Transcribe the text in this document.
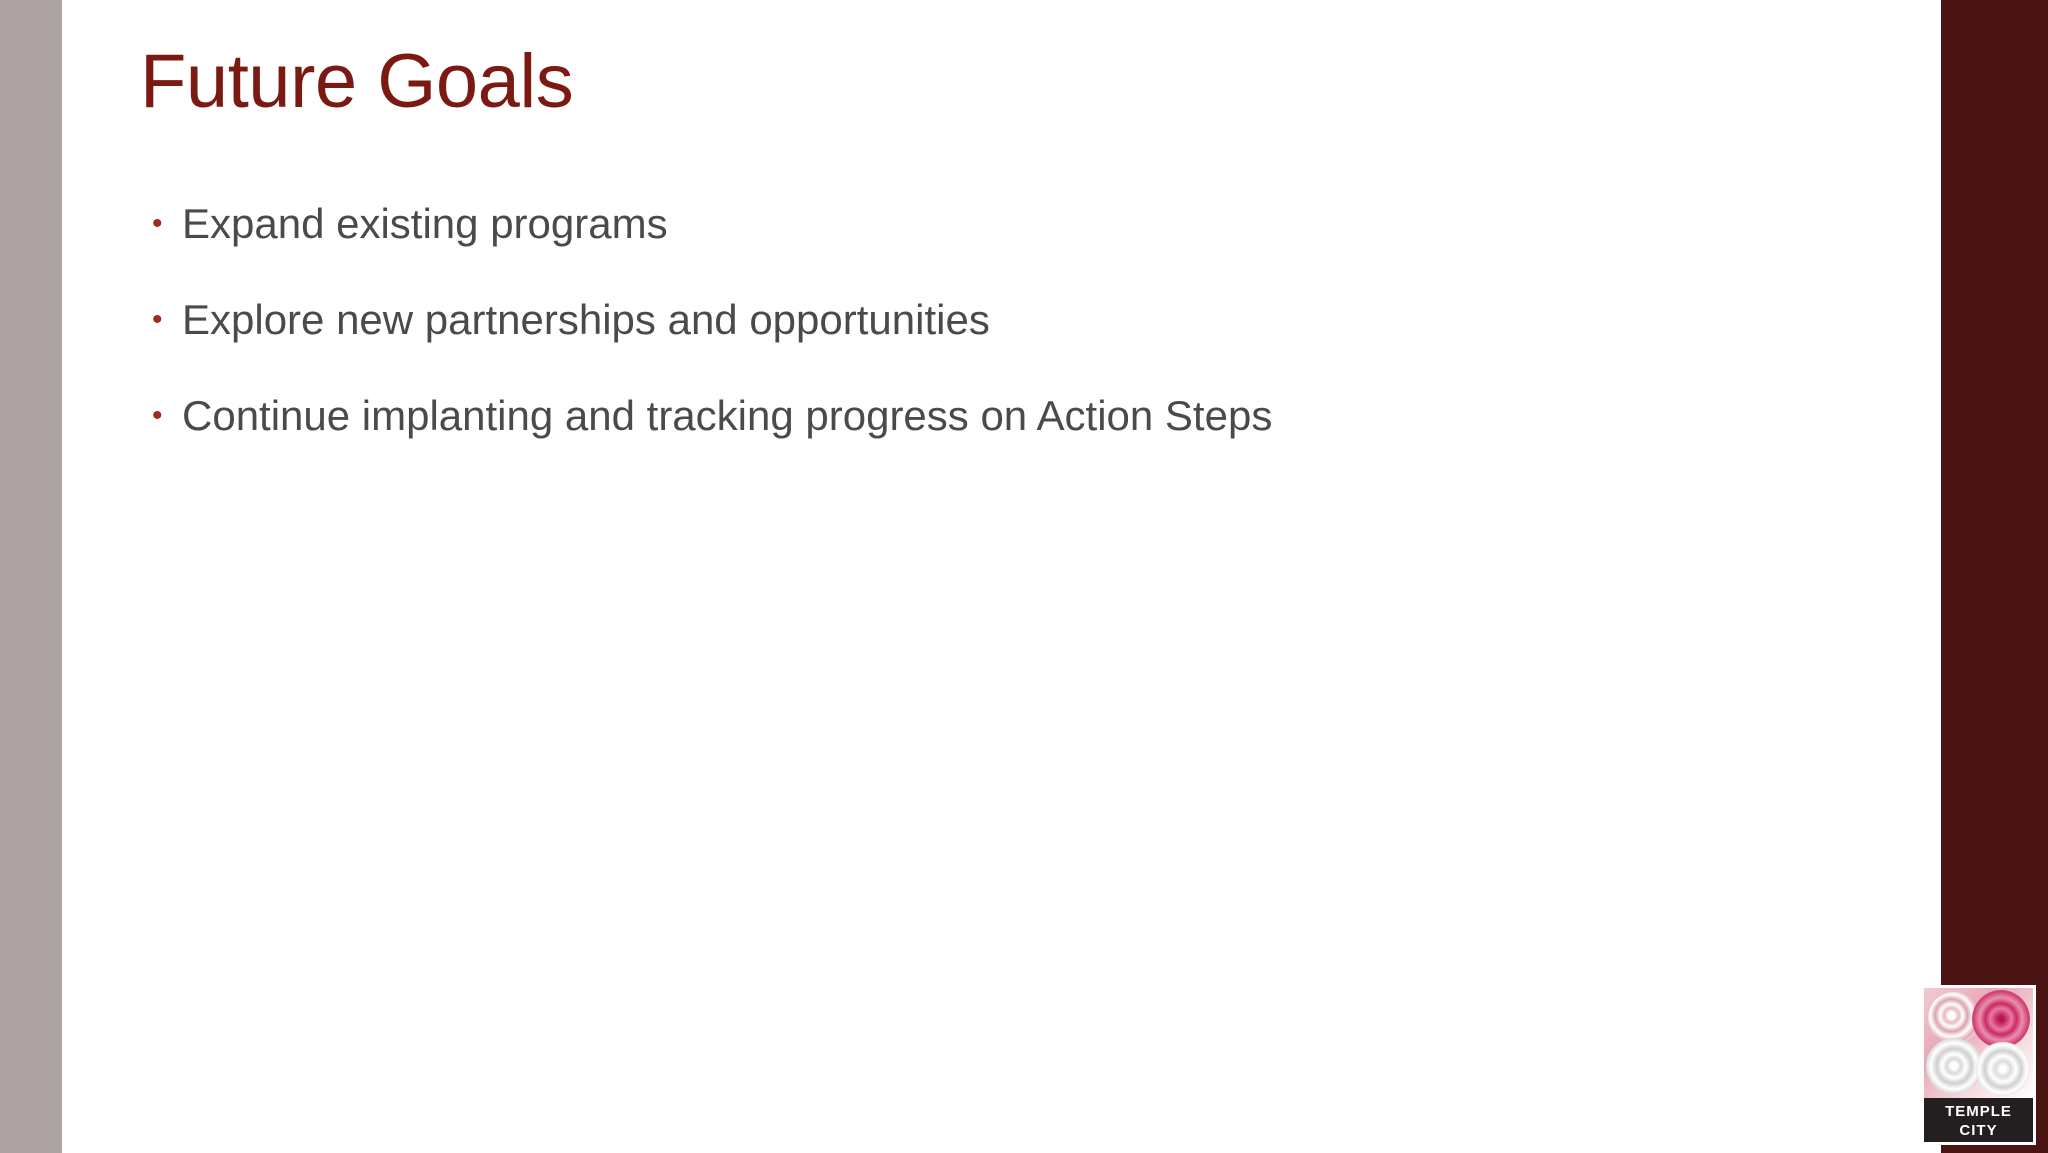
Future Goals
• Expand existing programs
• Explore new partnerships and opportunities
• Continue implanting and tracking progress on Action Steps
TEMPLE
CITY
